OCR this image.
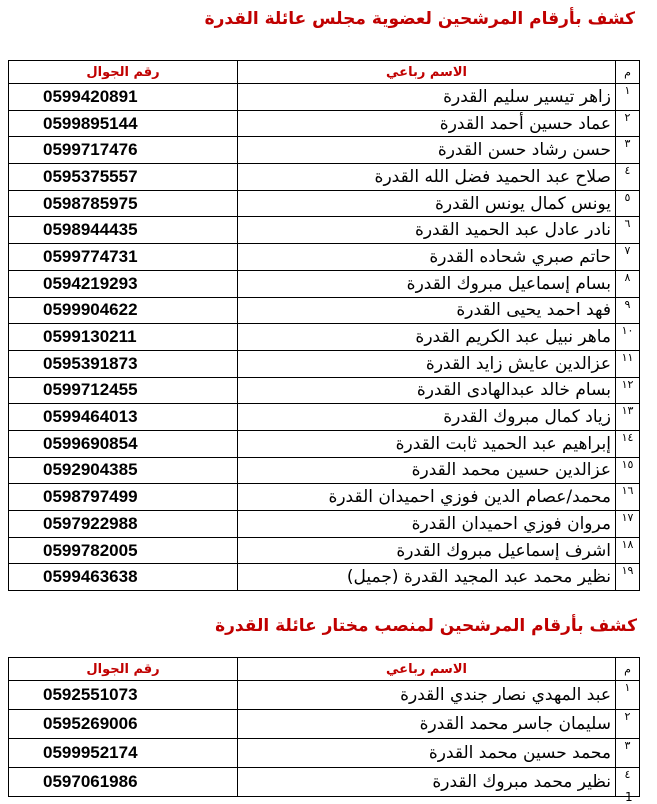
كشف بأرقام المرشحين لعضوية مجلس عائلة القدرة
رقم الجوال	الاسم رباعي	م
0599420891	زاهر تيسير سليم القدرة	١
0599895144	عماد حسين أحمد القدرة	٢
0599717476	حسن رشاد حسن القدرة	٣
0595375557	صلاح عبد الحميد فضل الله القدرة	٤
0598785975	يونس كمال يونس القدرة	٥
0598944435	نادر عادل عبد الحميد القدرة	٦
0599774731	حاتم صبري شحاده القدرة	٧
0594219293	بسام إسماعيل مبروك القدرة	٨
0599904622	فهد احمد يحيى القدرة	٩
0599130211	ماهر نبيل عبد الكريم القدرة	١٠
0595391873	عزالدين عايش زايد القدرة	١١
0599712455	بسام خالد عبدالهادى القدرة	١٢
0599464013	زياد كمال مبروك القدرة	١٣
0599690854	إبراهيم عبد الحميد ثابت القدرة	١٤
0592904385	عزالدين حسين محمد القدرة	١٥
0598797499	محمد/عصام الدين فوزي احميدان القدرة	١٦
0597922988	مروان فوزي احميدان القدرة	١٧
0599782005	اشرف إسماعيل مبروك القدرة	١٨
0599463638	نظير محمد عبد المجيد القدرة (جميل)	١٩
كشف بأرقام المرشحين لمنصب مختار عائلة القدرة
رقم الجوال	الاسم رباعي	م
0592551073	عبد المهدي نصار جندي القدرة	١
0595269006	سليمان جاسر محمد القدرة	٢
0599952174	محمد حسين محمد القدرة	٣
0597061986	نظير محمد مبروك القدرة	٤
1
